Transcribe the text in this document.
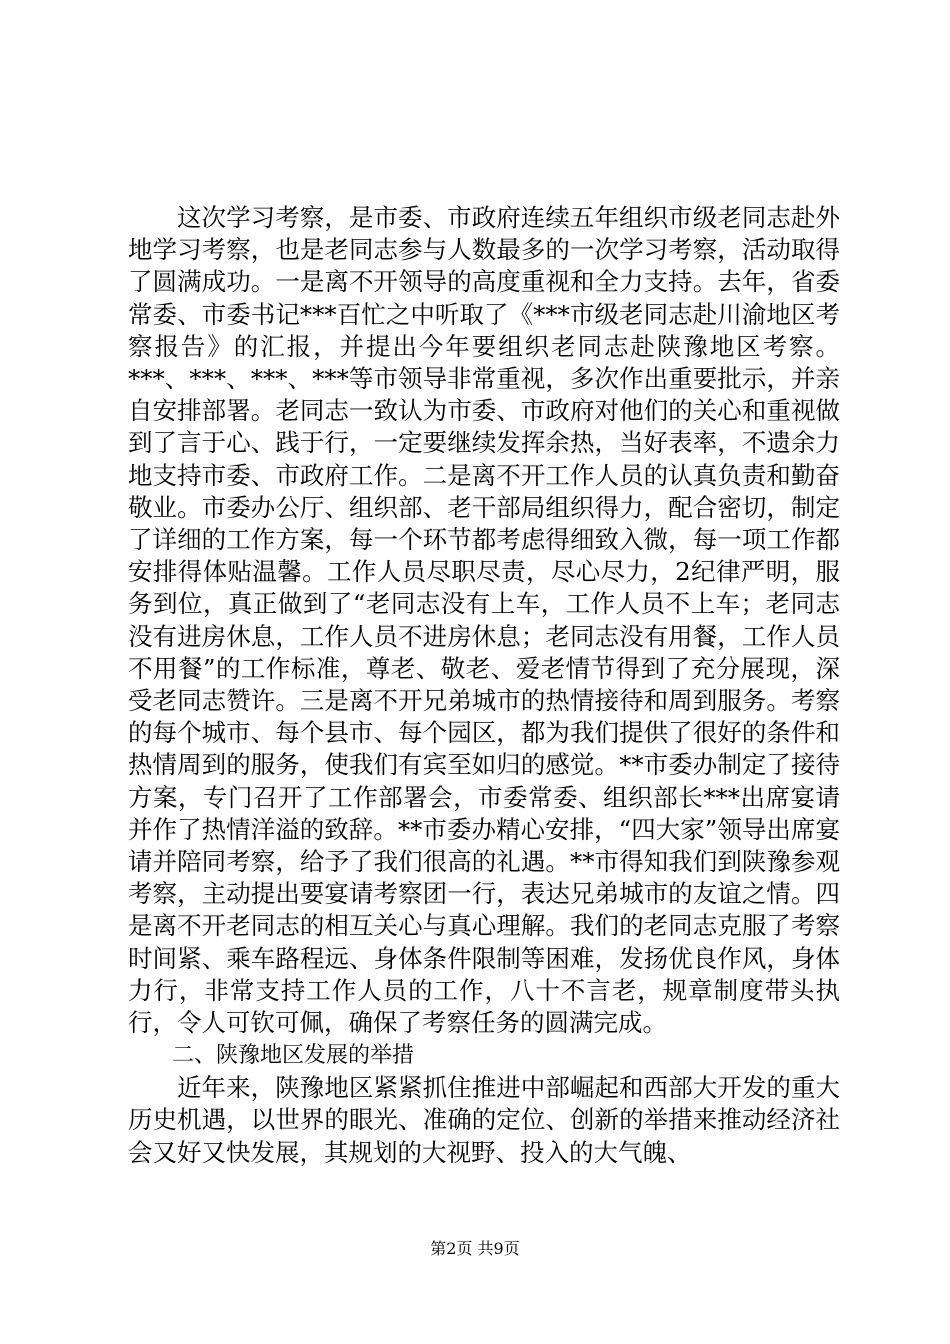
这次学习考察，是市委、市政府连续五年组织市级老同志赴外地学习考察，也是老同志参与人数最多的一次学习考察，活动取得了圆满成功。一是离不开领导的高度重视和全力支持。去年，省委常委、市委书记***百忙之中听取了《***市级老同志赴川渝地区考察报告》的汇报，并提出今年要组织老同志赴陕豫地区考察。***、***、***、***等市领导非常重视，多次作出重要批示，并亲自安排部署。老同志一致认为市委、市政府对他们的关心和重视做到了言于心、践于行，一定要继续发挥余热，当好表率，不遗余力地支持市委、市政府工作。二是离不开工作人员的认真负责和勤奋敬业。市委办公厅、组织部、老干部局组织得力，配合密切，制定了详细的工作方案，每一个环节都考虑得细致入微，每一项工作都安排得体贴温馨。工作人员尽职尽责，尽心尽力，2纪律严明，服务到位，真正做到了“老同志没有上车，工作人员不上车；老同志没有进房休息，工作人员不进房休息；老同志没有用餐，工作人员不用餐”的工作标准，尊老、敬老、爱老情节得到了充分展现，深受老同志赞许。三是离不开兄弟城市的热情接待和周到服务。考察的每个城市、每个县市、每个园区，都为我们提供了很好的条件和热情周到的服务，使我们有宾至如归的感觉。**市委办制定了接待方案，专门召开了工作部署会，市委常委、组织部长***出席宴请并作了热情洋溢的致辞。**市委办精心安排，“四大家”领导出席宴请并陪同考察，给予了我们很高的礼遇。**市得知我们到陕豫参观考察，主动提出要宴请考察团一行，表达兄弟城市的友谊之情。四是离不开老同志的相互关心与真心理解。我们的老同志克服了考察时间紧、乘车路程远、身体条件限制等困难，发扬优良作风，身体力行，非常支持工作人员的工作，八十不言老，规章制度带头执行，令人可钦可佩，确保了考察任务的圆满完成。

二、陕豫地区发展的举措

近年来，陕豫地区紧紧抓住推进中部崛起和西部大开发的重大历史机遇，以世界的眼光、准确的定位、创新的举措来推动经济社会又好又快发展，其规划的大视野、投入的大气魄、

第2页 共9页
